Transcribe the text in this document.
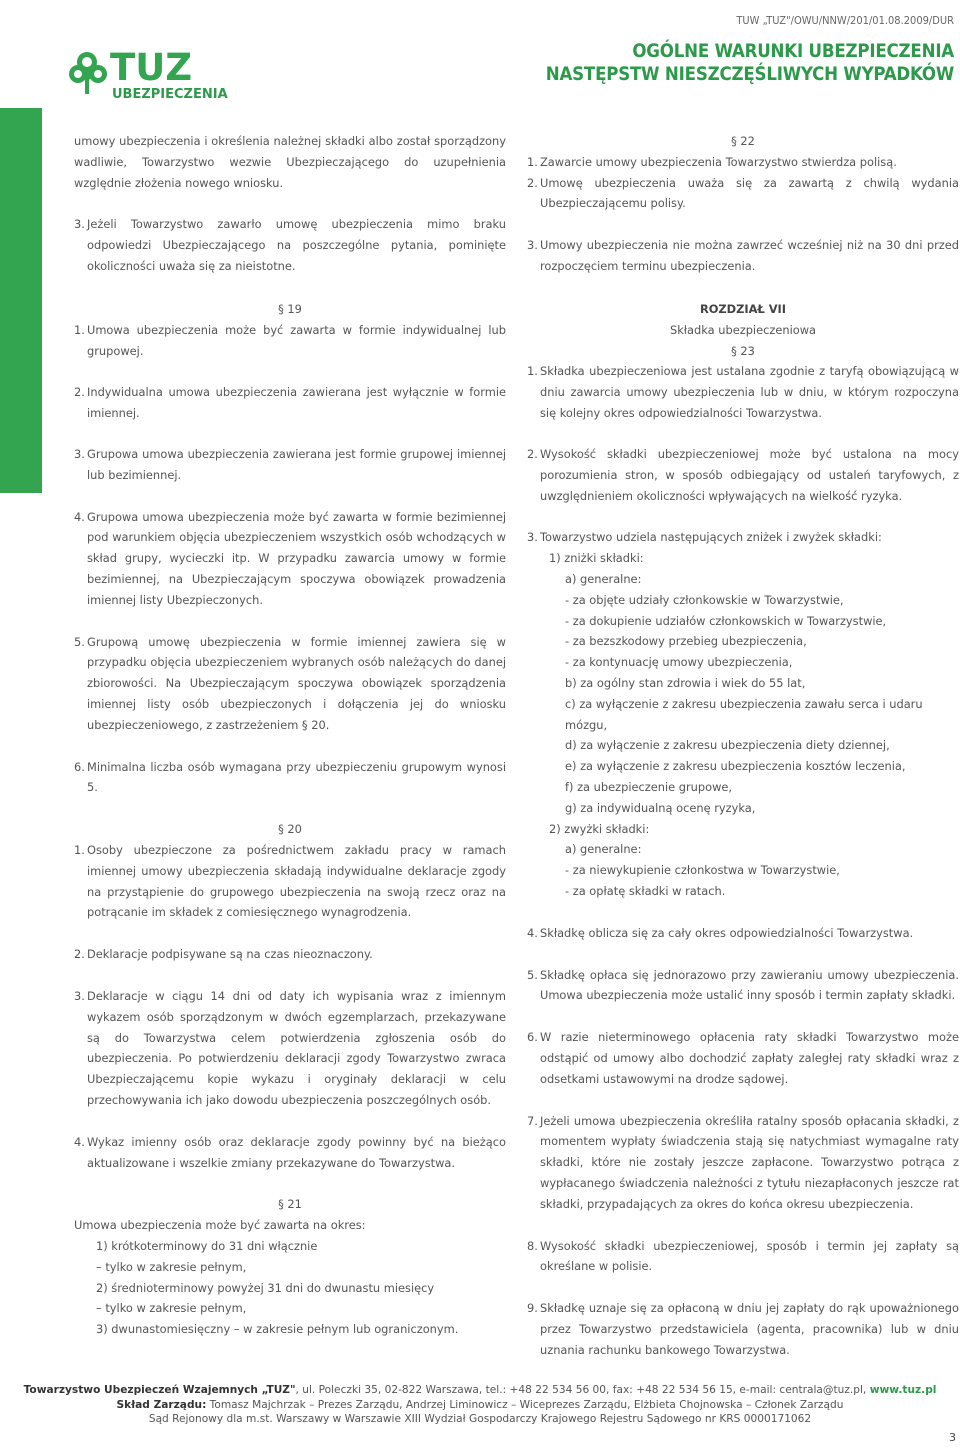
TUZ
UBEZPIECZENIA
TUW „TUZ"/OWU/NNW/201/01.08.2009/DUR
OGÓLNE WARUNKI UBEZPIECZENIA
NASTĘPSTW NIESZCZĘŚLIWYCH WYPADKÓW

umowy ubezpieczenia i określenia należnej składki albo został sporządzony wadliwie, Towarzystwo wezwie Ubezpieczającego do uzupełnienia względnie złożenia nowego wniosku.

3. Jeżeli Towarzystwo zawarło umowę ubezpieczenia mimo braku odpowiedzi Ubezpieczającego na poszczególne pytania, pominięte okoliczności uważa się za nieistotne.
§ 19
1. Umowa ubezpieczenia może być zawarta w formie indywidualnej lub grupowej.
2. Indywidualna umowa ubezpieczenia zawierana jest wyłącznie w formie imiennej.
3. Grupowa umowa ubezpieczenia zawierana jest formie grupowej imiennej lub bezimiennej.
4. Grupowa umowa ubezpieczenia może być zawarta w formie bezimiennej pod warunkiem objęcia ubezpieczeniem wszystkich osób wchodzących w skład grupy, wycieczki itp. W przypadku zawarcia umowy w formie bezimiennej, na Ubezpieczającym spoczywa obowiązek prowadzenia imiennej listy Ubezpieczonych.
5. Grupową umowę ubezpieczenia w formie imiennej zawiera się w przypadku objęcia ubezpieczeniem wybranych osób należących do danej zbiorowości. Na Ubezpieczającym spoczywa obowiązek sporządzenia imiennej listy osób ubezpieczonych i dołączenia jej do wniosku ubezpieczeniowego, z zastrzeżeniem § 20.
6. Minimalna liczba osób wymagana przy ubezpieczeniu grupowym wynosi 5.
§ 20
1. Osoby ubezpieczone za pośrednictwem zakładu pracy w ramach imiennej umowy ubezpieczenia składają indywidualne deklaracje zgody na przystąpienie do grupowego ubezpieczenia na swoją rzecz oraz na potrącanie im składek z comiesięcznego wynagrodzenia.
2. Deklaracje podpisywane są na czas nieoznaczony.
3. Deklaracje w ciągu 14 dni od daty ich wypisania wraz z imiennym wykazem osób sporządzonym w dwóch egzemplarzach, przekazywane są do Towarzystwa celem potwierdzenia zgłoszenia osób do ubezpieczenia. Po potwierdzeniu deklaracji zgody Towarzystwo zwraca Ubezpieczającemu kopie wykazu i oryginały deklaracji w celu przechowywania ich jako dowodu ubezpieczenia poszczególnych osób.
4. Wykaz imienny osób oraz deklaracje zgody powinny być na bieżąco aktualizowane i wszelkie zmiany przekazywane do Towarzystwa.
§ 21

Umowa ubezpieczenia może być zawarta na okres:

1) krótkoterminowy do 31 dni włącznie

– tylko w zakresie pełnym,

2) średnioterminowy powyżej 31 dni do dwunastu miesięcy

– tylko w zakresie pełnym,

3) dwunastomiesięczny – w zakresie pełnym lub ograniczonym.

§ 22
1. Zawarcie umowy ubezpieczenia Towarzystwo stwierdza polisą.
2. Umowę ubezpieczenia uważa się za zawartą z chwilą wydania Ubezpieczającemu polisy.
3. Umowy ubezpieczenia nie można zawrzeć wcześniej niż na 30 dni przed rozpoczęciem terminu ubezpieczenia.
ROZDZIAŁ VII
Składka ubezpieczeniowa
§ 23
1. Składka ubezpieczeniowa jest ustalana zgodnie z taryfą obowiązującą w dniu zawarcia umowy ubezpieczenia lub w dniu, w którym rozpoczyna się kolejny okres odpowiedzialności Towarzystwa.
2. Wysokość składki ubezpieczeniowej może być ustalona na mocy porozumienia stron, w sposób odbiegający od ustaleń taryfowych, z uwzględnieniem okoliczności wpływających na wielkość ryzyka.
3. Towarzystwo udziela następujących zniżek i zwyżek składki:

1) zniżki składki:

a) generalne:

- za objęte udziały członkowskie w Towarzystwie,

- za dokupienie udziałów członkowskich w Towarzystwie,

- za bezszkodowy przebieg ubezpieczenia,

- za kontynuację umowy ubezpieczenia,

b) za ogólny stan zdrowia i wiek do 55 lat,

c) za wyłączenie z zakresu ubezpieczenia zawału serca i udaru mózgu,

d) za wyłączenie z zakresu ubezpieczenia diety dziennej,

e) za wyłączenie z zakresu ubezpieczenia kosztów leczenia,

f) za ubezpieczenie grupowe,

g) za indywidualną ocenę ryzyka,

2) zwyżki składki:

a) generalne:

- za niewykupienie członkostwa w Towarzystwie,

- za opłatę składki w ratach.

4. Składkę oblicza się za cały okres odpowiedzialności Towarzystwa.
5. Składkę opłaca się jednorazowo przy zawieraniu umowy ubezpieczenia. Umowa ubezpieczenia może ustalić inny sposób i termin zapłaty składki.
6. W razie nieterminowego opłacenia raty składki Towarzystwo może odstąpić od umowy albo dochodzić zapłaty zaległej raty składki wraz z odsetkami ustawowymi na drodze sądowej.
7. Jeżeli umowa ubezpieczenia określiła ratalny sposób opłacania składki, z momentem wypłaty świadczenia stają się natychmiast wymagalne raty składki, które nie zostały jeszcze zapłacone. Towarzystwo potrąca z wypłacanego świadczenia należności z tytułu niezapłaconych jeszcze rat składki, przypadających za okres do końca okresu ubezpieczenia.
8. Wysokość składki ubezpieczeniowej, sposób i termin jej zapłaty są określane w polisie.
9. Składkę uznaje się za opłaconą w dniu jej zapłaty do rąk upoważnionego przez Towarzystwo przedstawiciela (agenta, pracownika) lub w dniu uznania rachunku bankowego Towarzystwa.
Towarzystwo Ubezpieczeń Wzajemnych „TUZ", ul. Poleczki 35, 02-822 Warszawa, tel.: +48 22 534 56 00, fax: +48 22 534 56 15, e-mail: centrala@tuz.pl, www.tuz.pl
Skład Zarządu: Tomasz Majchrzak – Prezes Zarządu, Andrzej Liminowicz – Wiceprezes Zarządu, Elżbieta Chojnowska – Członek Zarządu
Sąd Rejonowy dla m.st. Warszawy w Warszawie XIII Wydział Gospodarczy Krajowego Rejestru Sądowego nr KRS 0000171062
3
